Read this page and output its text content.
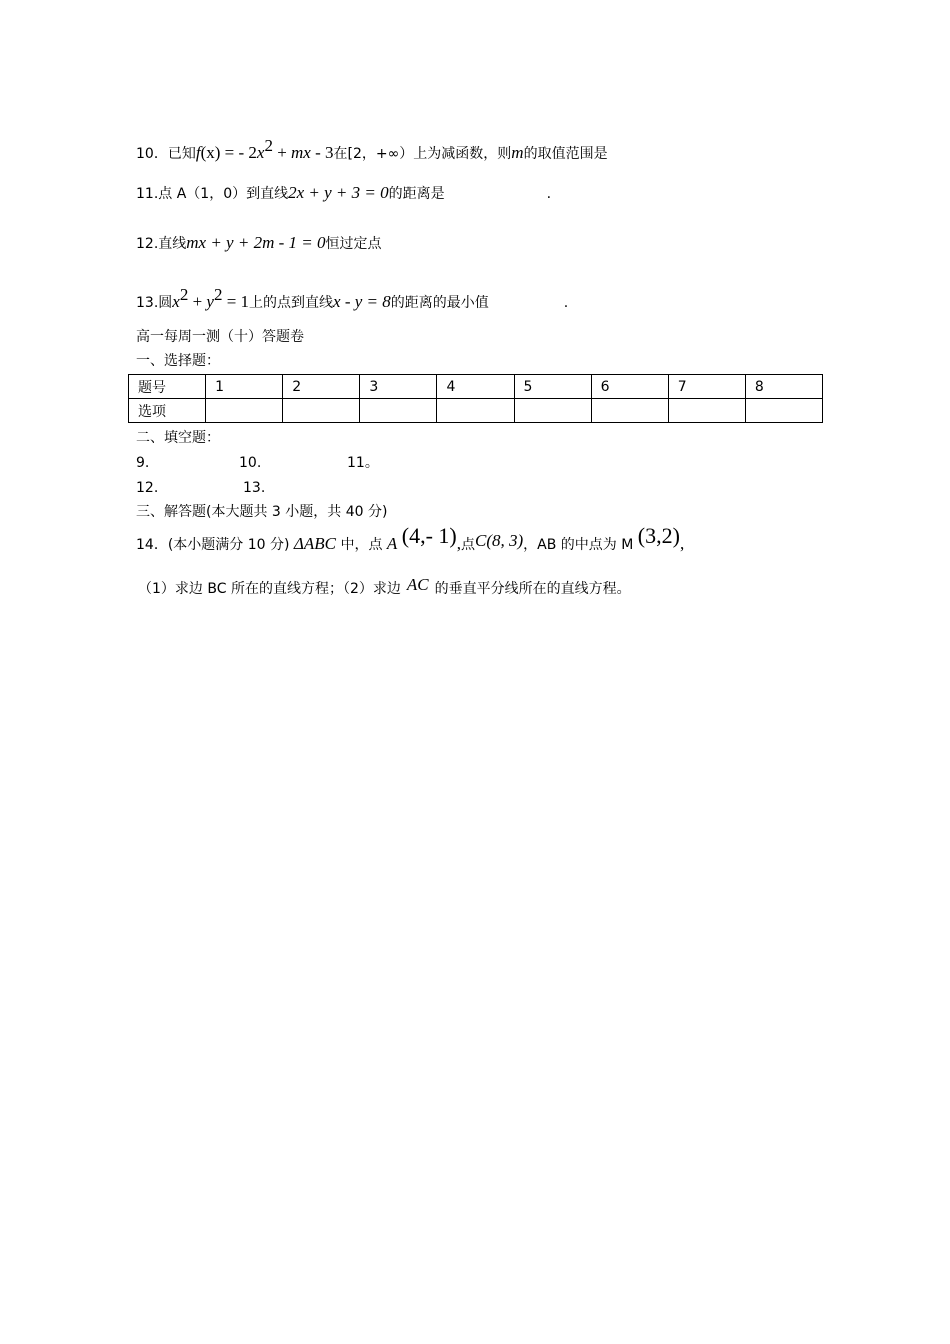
10．已知f(x) = - $2x^2$ + mx - 3在[2，+∞）上为减函数，则m的取值范围是
11.点 A（1，0）到直线2x + y + 3 = 0的距离是	.
12.直线mx + y + 2m - 1 = 0恒过定点
13.圆$x^2 + y^2 = 1$上的点到直线x - y = 8的距离的最小值	.
高一每周一测（十）答题卷
一、选择题：
题号	1	2	3	4	5	6	7	8
选项								
二、填空题：
9.	10.	11。
12.	13.
三、解答题(本大题共 3 小题，共 40 分)
14．(本小题满分 10 分) ΔABC 中，点 A (4,- 1),点C(8, 3)，AB 的中点为 M (3,2),
（1）求边 BC 所在的直线方程；（2）求边 AC 的垂直平分线所在的直线方程。
